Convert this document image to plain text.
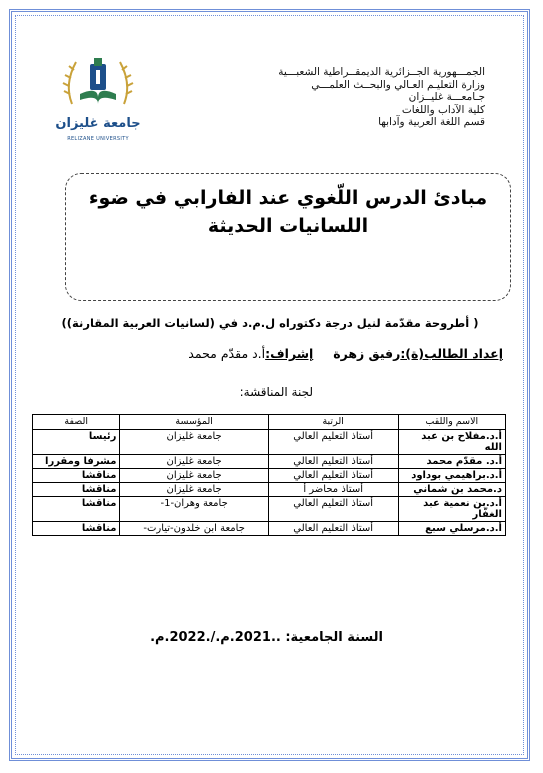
جامعة غليزان
RELIZANE UNIVERSITY
الجمـــهورية الجــزائرية الديمقــراطية الشعبـــية
وزارة التعليـم العـالي والبحــث العلمـــي
جـامعـــة غليــزان
كلية الآداب واللغات
قسم اللغة العربية وآدابها
مبادئ الدرس اللّغوي عند الفارابي في ضوء
اللسانيات الحديثة
( أطروحة مقدّمة لنيل درجة دكتوراه ل.م.د في (لسانيات العربية المقارنة))
إعداد الطالب(ة):رفيق زهرة     إشراف:أ.د مقدّم محمد
لجنة المناقشة:
الاسم واللقب	الرتبة	المؤسسة	الصفة
أ.د.مفلاح بن عبد الله	أستاذ التعليم العالي	جامعة غليزان	رئيسا
أ.د. مقدّم محمد	أستاذ التعليم العالي	جامعة غليزان	مشرفا ومقررا
أ.د.براهيمي بوداود	أستاذ التعليم العالي	جامعة غليزان	مناقشا
د.محمد بن شماني	أستاذ محاضر أ	جامعة غليزان	مناقشا
أ.د.بن نعمية عبد الغفّار	أستاذ التعليم العالي	جامعة وهران-1-	مناقشا
أ.د.مرسلي سبع	أستاذ التعليم العالي	جامعة ابن خلدون-تيارت-	مناقشا
السنة الجامعية: ..2021.م./.2022.م.
